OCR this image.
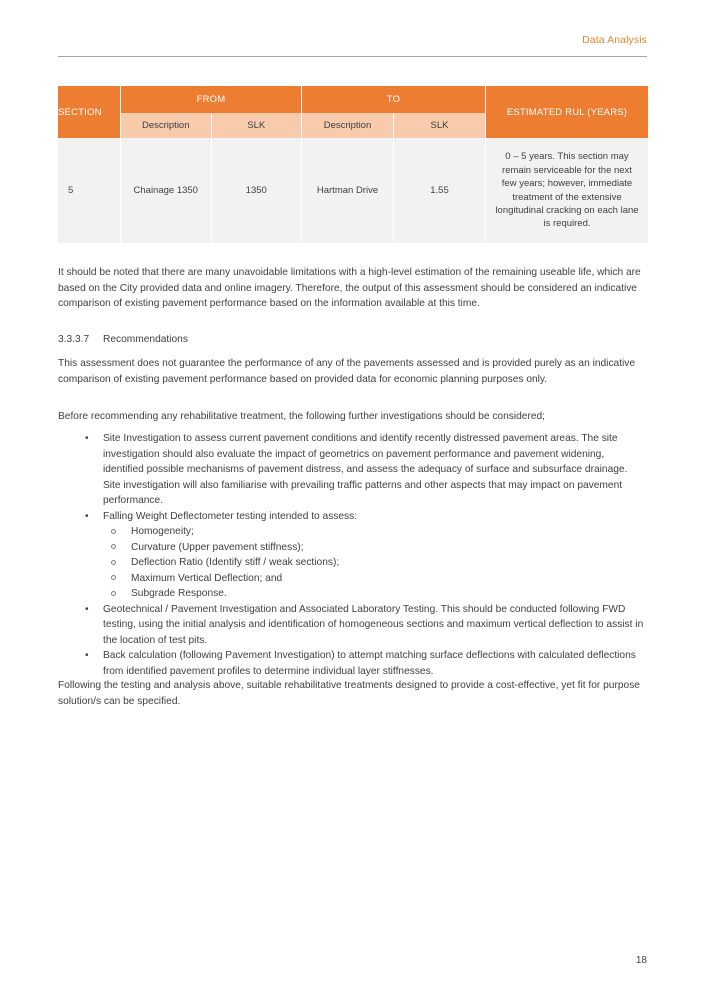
Data Analysis
SECTION	FROM		TO		ESTIMATED RUL (YEARS)
	Description	SLK	Description	SLK	
5	Chainage 1350	1350	Hartman Drive	1.55	0 – 5 years. This section may remain serviceable for the next few years; however, immediate treatment of the extensive longitudinal cracking on each lane is required.
It should be noted that there are many unavoidable limitations with a high-level estimation of the remaining useable life, which are based on the City provided data and online imagery. Therefore, the output of this assessment should be considered an indicative comparison of existing pavement performance based on the information available at this time.
3.3.3.7 Recommendations
This assessment does not guarantee the performance of any of the pavements assessed and is provided purely as an indicative comparison of existing pavement performance based on provided data for economic planning purposes only.
Before recommending any rehabilitative treatment, the following further investigations should be considered;
• Site Investigation to assess current pavement conditions and identify recently distressed pavement areas. The site investigation should also evaluate the impact of geometrics on pavement performance and pavement widening, identified possible mechanisms of pavement distress, and assess the adequacy of surface and subsurface drainage. Site investigation will also familiarise with prevailing traffic patterns and other aspects that may impact on pavement performance.
• Falling Weight Deflectometer testing intended to assess:
Homogeneity;
Curvature (Upper pavement stiffness);
Deflection Ratio (Identify stiff / weak sections);
Maximum Vertical Deflection; and
Subgrade Response.
• Geotechnical / Pavement Investigation and Associated Laboratory Testing. This should be conducted following FWD testing, using the initial analysis and identification of homogeneous sections and maximum vertical deflection to assist in the location of test pits.
• Back calculation (following Pavement Investigation) to attempt matching surface deflections with calculated deflections from identified pavement profiles to determine individual layer stiffnesses.
Following the testing and analysis above, suitable rehabilitative treatments designed to provide a cost-effective, yet fit for purpose solution/s can be specified.
18
